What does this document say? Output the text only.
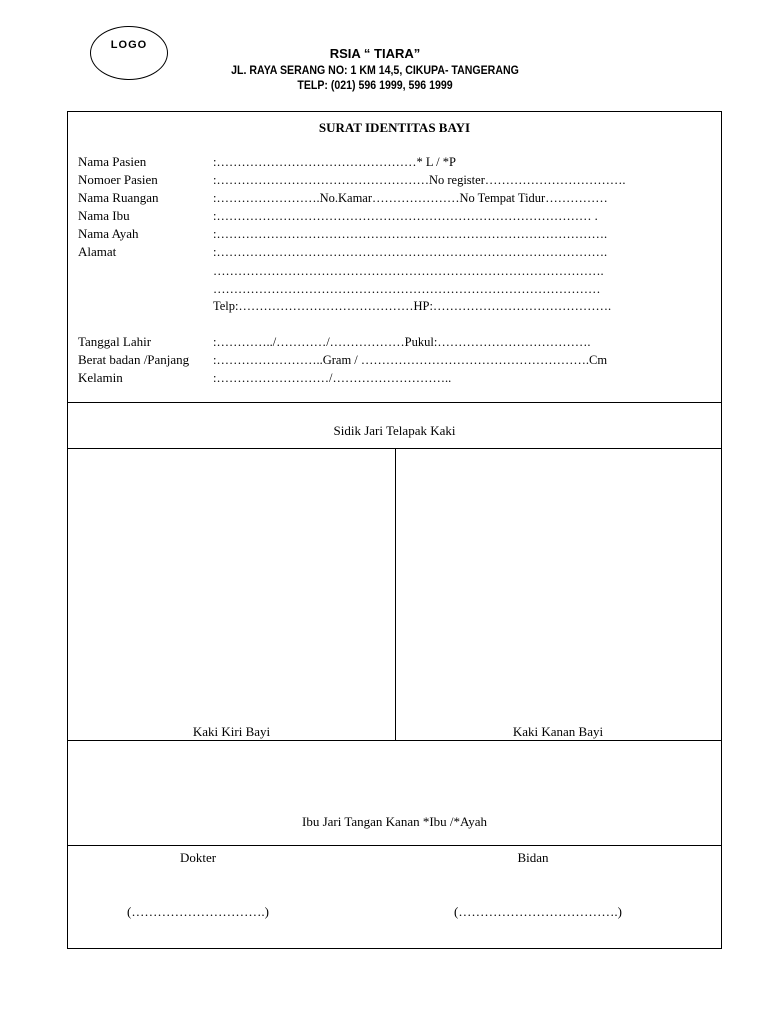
LOGO
RSIA “ TIARA”
JL. RAYA SERANG NO: 1 KM 14,5, CIKUPA- TANGERANG
TELP: (021) 596 1999, 596 1999
SURAT IDENTITAS BAYI
Nama Pasien	:…………………………………………* L / *P
Nomoer Pasien	:……………………………………………No register…………………………….
Nama Ruangan	:…………………….No.Kamar…………………No Tempat Tidur……………
Nama Ibu	:……………………………………………………………………………… .
Nama Ayah	:………………………………………………………………………………….
Alamat	:………………………………………………………………………………….
………………………………………………………………………………….
…………………………………………………………………………………
Telp:……………………………………HP:…………………………………….
Tanggal Lahir	:…………../…………/………………Pukul:……………………………….
Berat badan /Panjang :……………………..Gram / ……………………………………………….Cm
Kelamin	:………………………/………………………..
Sidik Jari Telapak Kaki
Kaki Kiri Bayi	Kaki Kanan Bayi
Ibu Jari Tangan Kanan *Ibu /*Ayah
Dokter
(………………………….)
Bidan
(……………………………….)
